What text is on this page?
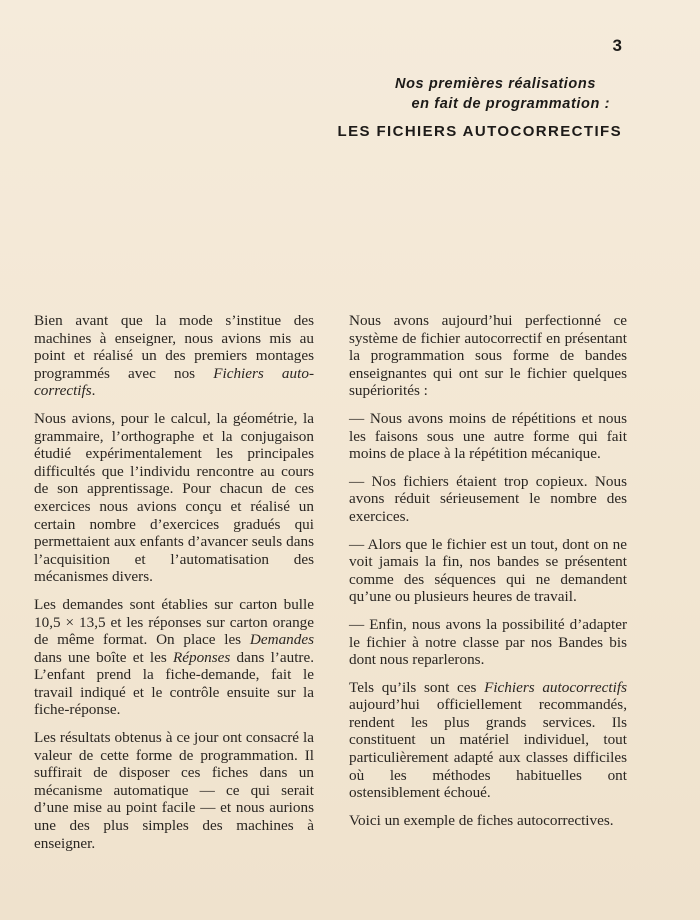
3
Nos premières réalisations
en fait de programmation :
LES FICHIERS AUTOCORRECTIFS

Bien avant que la mode s’institue des machines à enseigner, nous avions mis au point et réalisé un des premiers montages programmés avec nos Fichiers auto-correctifs.

Nous avions, pour le calcul, la géométrie, la grammaire, l’orthographe et la conjugaison étudié expérimentalement les principales difficultés que l’individu rencontre au cours de son apprentissage. Pour chacun de ces exercices nous avions conçu et réalisé un certain nombre d’exercices gradués qui permettaient aux enfants d’avancer seuls dans l’acquisition et l’automatisation des mécanismes divers.

Les demandes sont établies sur carton bulle 10,5 × 13,5 et les réponses sur carton orange de même format. On place les Demandes dans une boîte et les Réponses dans l’autre. L’enfant prend la fiche-demande, fait le travail indiqué et le contrôle ensuite sur la fiche-réponse.

Les résultats obtenus à ce jour ont consacré la valeur de cette forme de programmation. Il suffirait de disposer ces fiches dans un mécanisme automatique — ce qui serait d’une mise au point facile — et nous aurions une des plus simples des machines à enseigner.

Nous avons aujourd’hui perfectionné ce système de fichier autocorrectif en présentant la programmation sous forme de bandes enseignantes qui ont sur le fichier quelques supériorités :

— Nous avons moins de répétitions et nous les faisons sous une autre forme qui fait moins de place à la répétition mécanique.

— Nos fichiers étaient trop copieux. Nous avons réduit sérieusement le nombre des exercices.

— Alors que le fichier est un tout, dont on ne voit jamais la fin, nos bandes se présentent comme des séquences qui ne demandent qu’une ou plusieurs heures de travail.

— Enfin, nous avons la possibilité d’adapter le fichier à notre classe par nos Bandes bis dont nous reparlerons.

Tels qu’ils sont ces Fichiers autocorrectifs aujourd’hui officiellement recommandés, rendent les plus grands services. Ils constituent un matériel individuel, tout particulièrement adapté aux classes difficiles où les méthodes habituelles ont ostensiblement échoué.

Voici un exemple de fiches autocorrectives.
